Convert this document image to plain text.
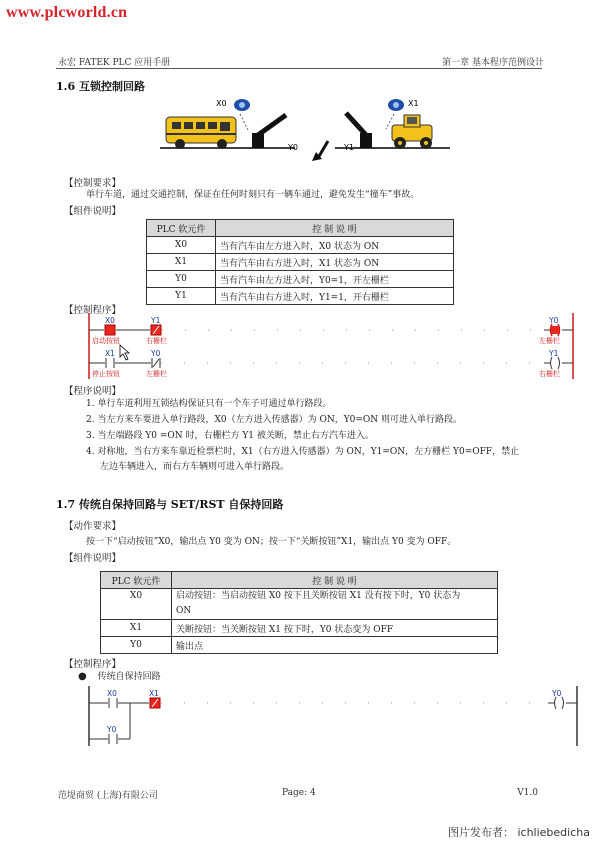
www.plcworld.cn
永宏 FATEK PLC 应用手册	第一章 基本程序范例设计
1.6 互锁控制回路
X0
Y0	Y1
X1
【控制要求】
单行车道，通过交通控制，保证在任何时刻只有一辆车通过，避免发生“撞车”事故。
【组件说明】
PLC 软元件	控 制 说 明
X0	当有汽车由左方进入时，X0 状态为 ON
X1	当有汽车由右方进入时，X1 状态为 ON
Y0	当有汽车由左方进入时，Y0=1，开左栅栏
Y1	当有汽车由右方进入时，Y1=1，开右栅栏
【控制程序】
X0	Y1	Y0
启动按钮	右栅栏	左栅栏
X1	Y0	Y1
停止按钮	左栅栏	右栅栏
【程序说明】
1. 单行车道利用互锁结构保证只有一个车子可通过单行路段。
2. 当左方来车要进入单行路段，X0（左方进入传感器）为 ON，Y0=ON 则可进入单行路段。
3. 当左端路段 Y0 =ON 时，右栅栏方 Y1 被关断，禁止右方汽车进入。
4. 对称地，当右方来车靠近检票栏时，X1（右方进入传感器）为 ON，Y1=ON，左方栅栏 Y0=OFF，禁止
左边车辆进入，而右方车辆则可进入单行路段。
1.7 传统自保持回路与 SET/RST 自保持回路
【动作要求】
按一下“启动按钮”X0，输出点 Y0 变为 ON；按一下“关断按钮”X1，输出点 Y0 变为 OFF。
【组件说明】
PLC 软元件	控 制 说 明
X0	启动按钮：当启动按钮 X0 按下且关断按钮 X1 没有按下时，Y0 状态为
ON

X1	关断按钮：当关断按钮 X1 按下时，Y0 状态变为 OFF
Y0	输出点
【控制程序】
● 传统自保持回路
X0	X1	Y0
Y0
范堤商贸 (上海)有限公司	Page: 4	V1.0
图片发布者： ichliebedicha
